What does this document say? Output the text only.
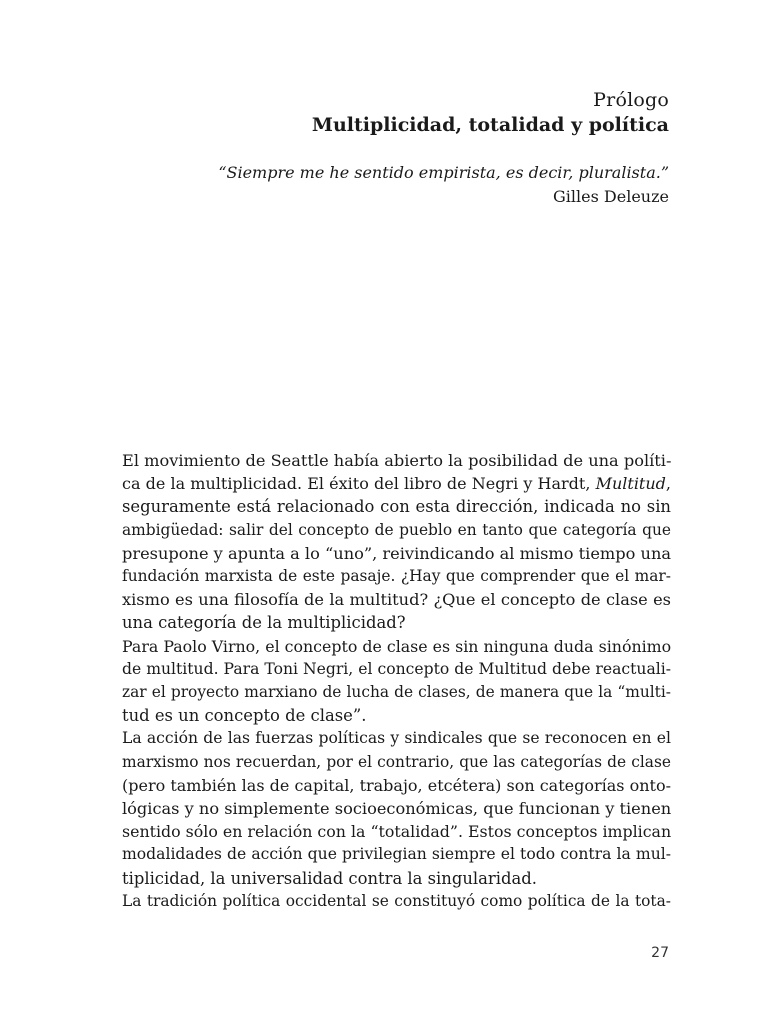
Prólogo
Multiplicidad, totalidad y política
“Siempre me he sentido empirista, es decir, pluralista.”
Gilles Deleuze
El movimiento de Seattle había abierto la posibilidad de una políti-
ca de la multiplicidad. El éxito del libro de Negri y Hardt, Multitud,
seguramente está relacionado con esta dirección, indicada no sin
ambigüedad: salir del concepto de pueblo en tanto que categoría que
presupone y apunta a lo “uno”, reivindicando al mismo tiempo una
fundación marxista de este pasaje. ¿Hay que comprender que el mar-
xismo es una filosofía de la multitud? ¿Que el concepto de clase es
una categoría de la multiplicidad?
Para Paolo Virno, el concepto de clase es sin ninguna duda sinónimo
de multitud. Para Toni Negri, el concepto de Multitud debe reactuali-
zar el proyecto marxiano de lucha de clases, de manera que la “multi-
tud es un concepto de clase”.
La acción de las fuerzas políticas y sindicales que se reconocen en el
marxismo nos recuerdan, por el contrario, que las categorías de clase
(pero también las de capital, trabajo, etcétera) son categorías onto-
lógicas y no simplemente socioeconómicas, que funcionan y tienen
sentido sólo en relación con la “totalidad”. Estos conceptos implican
modalidades de acción que privilegian siempre el todo contra la mul-
tiplicidad, la universalidad contra la singularidad.
La tradición política occidental se constituyó como política de la tota-
27
